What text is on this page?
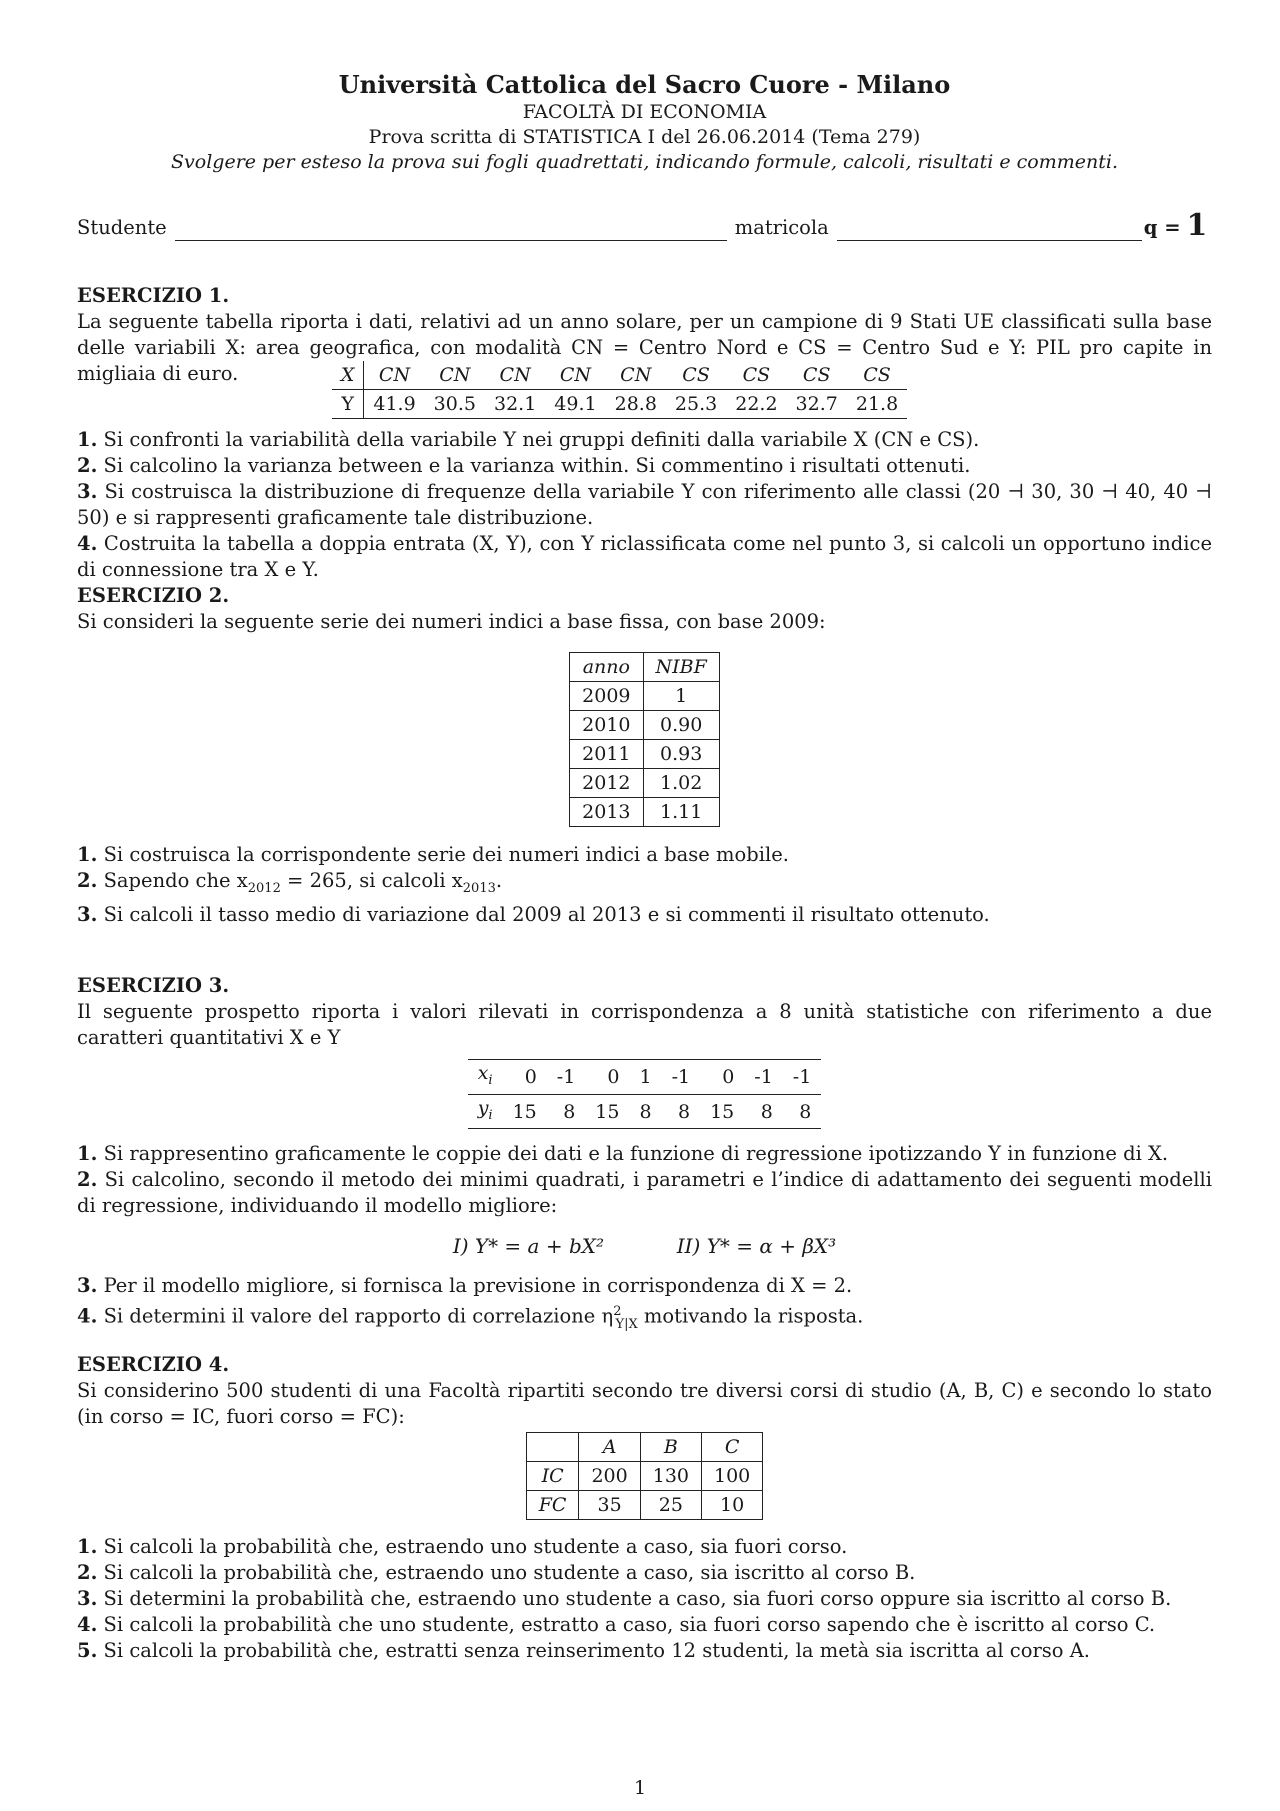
Università Cattolica del Sacro Cuore - Milano
FACOLTÀ DI ECONOMIA
Prova scritta di STATISTICA I del 26.06.2014 (Tema 279)
Svolgere per esteso la prova sui fogli quadrettati, indicando formule, calcoli, risultati e commenti.
Studente	matricola	q = 1
ESERCIZIO 1.

La seguente tabella riporta i dati, relativi ad un anno solare, per un campione di 9 Stati UE classificati sulla base delle variabili X: area geografica, con modalità CN = Centro Nord e CS = Centro Sud e Y: PIL pro capite in migliaia di euro.	X	CN	CN	CN	CN	CN	CS	CS	CS	CS
Y	41.9	30.5	32.1	49.1	28.8	25.3	22.2	32.7	21.8
1. Si confronti la variabilità della variabile Y nei gruppi definiti dalla variabile X (CN e CS).
2. Si calcolino la varianza between e la varianza within. Si commentino i risultati ottenuti.
3. Si costruisca la distribuzione di frequenze della variabile Y con riferimento alle classi (20 ⊣ 30, 30 ⊣ 40, 40 ⊣ 50) e si rappresenti graficamente tale distribuzione.
4. Costruita la tabella a doppia entrata (X, Y), con Y riclassificata come nel punto 3, si calcoli un opportuno indice di connessione tra X e Y.
ESERCIZIO 2.

Si consideri la seguente serie dei numeri indici a base fissa, con base 2009:

anno	NIBF
2009	1
2010	0.90
2011	0.93
2012	1.02
2013	1.11
1. Si costruisca la corrispondente serie dei numeri indici a base mobile.
2. Sapendo che $x_{2012} = 265$, si calcoli $x_{2013}$.
3. Si calcoli il tasso medio di variazione dal 2009 al 2013 e si commenti il risultato ottenuto.
ESERCIZIO 3.

Il seguente prospetto riporta i valori rilevati in corrispondenza a 8 unità statistiche con riferimento a due caratteri quantitativi X e Y

$x_i$	0	-1	0	1	-1	0	-1	-1
$y_i$	15	8	15	8	8	15	8	8
1. Si rappresentino graficamente le coppie dei dati e la funzione di regressione ipotizzando Y in funzione di X.
2. Si calcolino, secondo il metodo dei minimi quadrati, i parametri e l’indice di adattamento dei seguenti modelli di regressione, individuando il modello migliore:
I) Y* = a + bX²	II) Y* = α + βX³
3. Per il modello migliore, si fornisca la previsione in corrispondenza di X = 2.
4. Si determini il valore del rapporto di correlazione $\eta^2_{Y|X}$ motivando la risposta.
ESERCIZIO 4.

Si considerino 500 studenti di una Facoltà ripartiti secondo tre diversi corsi di studio (A, B, C) e secondo lo stato (in corso = IC, fuori corso = FC):

	A	B	C
IC	200	130	100
FC	35	25	10
1. Si calcoli la probabilità che, estraendo uno studente a caso, sia fuori corso.
2. Si calcoli la probabilità che, estraendo uno studente a caso, sia iscritto al corso B.
3. Si determini la probabilità che, estraendo uno studente a caso, sia fuori corso oppure sia iscritto al corso B.
4. Si calcoli la probabilità che uno studente, estratto a caso, sia fuori corso sapendo che è iscritto al corso C.
5. Si calcoli la probabilità che, estratti senza reinserimento 12 studenti, la metà sia iscritta al corso A.
1
